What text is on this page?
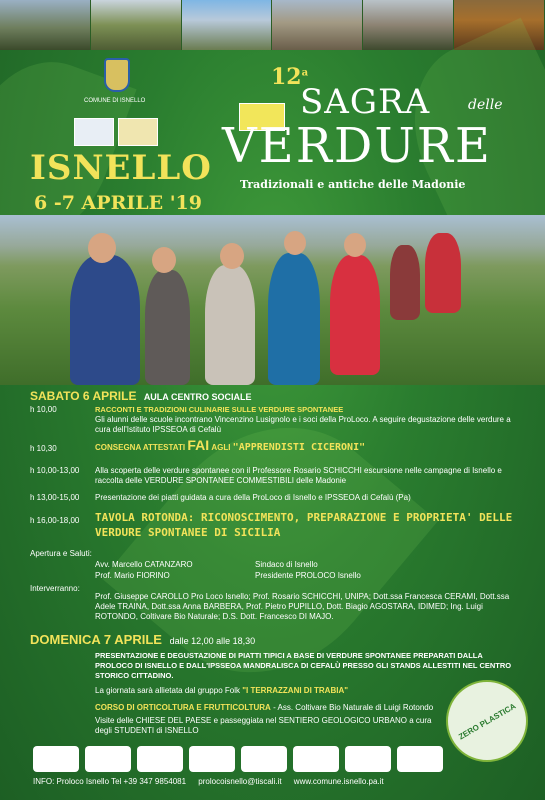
COMUNE DI ISNELLO
12$^a$
SAGRA	delle
VERDURE
Tradizionali e antiche delle Madonie
ISNELLO
6 -7 APRILE '19
SABATO 6 APRILE AULA CENTRO SOCIALE
h 10,00	RACCONTI E TRADIZIONI CULINARIE SULLE VERDURE SPONTANEE
Gli alunni delle scuole incontrano Vincenzino Lusignolo e i soci della ProLoco. A seguire degustazione delle verdure a cura dell'Istituto IPSSEOA di Cefalù
h 10,30	CONSEGNA ATTESTATI FAI AGLI "APPRENDISTI CICERONI"
h 10,00-13,00 Alla scoperta delle verdure spontanee con il Professore Rosario SCHICCHI escursione nelle campagne di Isnello e raccolta delle VERDURE SPONTANEE COMMESTIBILI delle Madonie
h 13,00-15,00 Presentazione dei piatti guidata a cura della ProLoco di Isnello e IPSSEOA di Cefalù (Pa)
h 16,00-18,00 TAVOLA ROTONDA: RICONOSCIMENTO, PREPARAZIONE E PROPRIETA' DELLE VERDURE SPONTANEE DI SICILIA
Apertura e Saluti:
Avv. Marcello CATANZARO	Sindaco di Isnello
Prof. Mario FIORINO	Presidente PROLOCO Isnello
Interverranno:
Prof. Giuseppe CAROLLO Pro Loco Isnello; Prof. Rosario SCHICCHI, UNIPA; Dott.ssa Francesca CERAMI, Dott.ssa Adele TRAINA, Dott.ssa Anna BARBERA, Prof. Pietro PUPILLO, Dott. Biagio AGOSTARA, IDIMED; Ing. Luigi ROTONDO, Coltivare Bio Naturale; D.S. Dott. Francesco DI MAJO.
DOMENICA 7 APRILE dalle 12,00 alle 18,30
PRESENTAZIONE E DEGUSTAZIONE DI PIATTI TIPICI A BASE DI VERDURE SPONTANEE PREPARATI DALLA PROLOCO DI ISNELLO E DALL'IPSSEOA MANDRALISCA DI CEFALÙ PRESSO GLI STANDS ALLESTITI NEL CENTRO STORICO CITTADINO.
La giornata sarà allietata dal gruppo Folk "I TERRAZZANI DI TRABIA"
CORSO DI ORTICOLTURA E FRUTTICOLTURA - Ass. Coltivare Bio Naturale di Luigi Rotondo
Visite delle CHIESE DEL PAESE e passeggiata nel SENTIERO GEOLOGICO URBANO a cura degli STUDENTI di ISNELLO	ZERO PLASTICA
INFO: Proloco Isnello Tel +39 347 9854081 prolocoisnello@tiscali.it www.comune.isnello.pa.it
